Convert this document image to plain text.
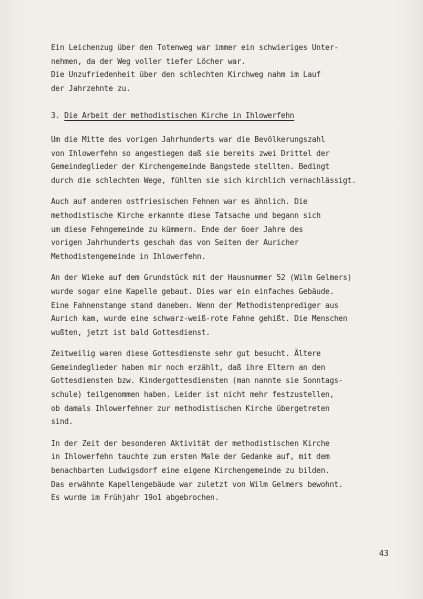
Ein Leichenzug über den Totenweg war immer ein schwieriges Unter-
nehmen, da der Weg voller tiefer Löcher war.
Die Unzufriedenheit über den schlechten Kirchweg nahm im Lauf
der Jahrzehnte zu.
3. Die Arbeit der methodistischen Kirche in Ihlowerfehn
Um die Mitte des vorigen Jahrhunderts war die Bevölkerungszahl
von Ihlowerfehn so angestiegen daß sie bereits zwei Drittel der
Gemeindeglieder der Kirchengemeinde Bangstede stellten. Bedingt
durch die schlechten Wege, fühlten sie sich kirchlich vernachlässigt.
Auch auf anderen ostfriesischen Fehnen war es ähnlich. Die
methodistische Kirche erkannte diese Tatsache und begann sich
um diese Fehngemeinde zu kümmern. Ende der 6oer Jahre des
vorigen Jahrhunderts geschah das von Seiten der Auricher
Methodistengemeinde in Ihlowerfehn.
An der Wieke auf dem Grundstück mit der Hausnummer 52 (Wilm Gelmers)
wurde sogar eine Kapelle gebaut. Dies war ein einfaches Gebäude.
Eine Fahnenstange stand daneben. Wenn der Methodistenprediger aus
Aurich kam, wurde eine schwarz-weiß-rote Fahne gehißt. Die Menschen
wußten, jetzt ist bald Gottesdienst.
Zeitweilig waren diese Gottesdienste sehr gut besucht. Ältere
Gemeindeglieder haben mir noch erzählt, daß ihre Eltern an den
Gottesdiensten bzw. Kindergottesdiensten (man nannte sie Sonntags-
schule) teilgenommen haben. Leider ist nicht mehr festzustellen,
ob damals Ihlowerfehner zur methodistischen Kirche übergetreten
sind.
In der Zeit der besonderen Aktivität der methodistischen Kirche
in Ihlowerfehn tauchte zum ersten Male der Gedanke auf, mit dem
benachbarten Ludwigsdorf eine eigene Kirchengemeinde zu bilden.
Das erwähnte Kapellengebäude war zuletzt von Wilm Gelmers bewohnt.
Es wurde im Frühjahr 19o1 abgebrochen.
43
